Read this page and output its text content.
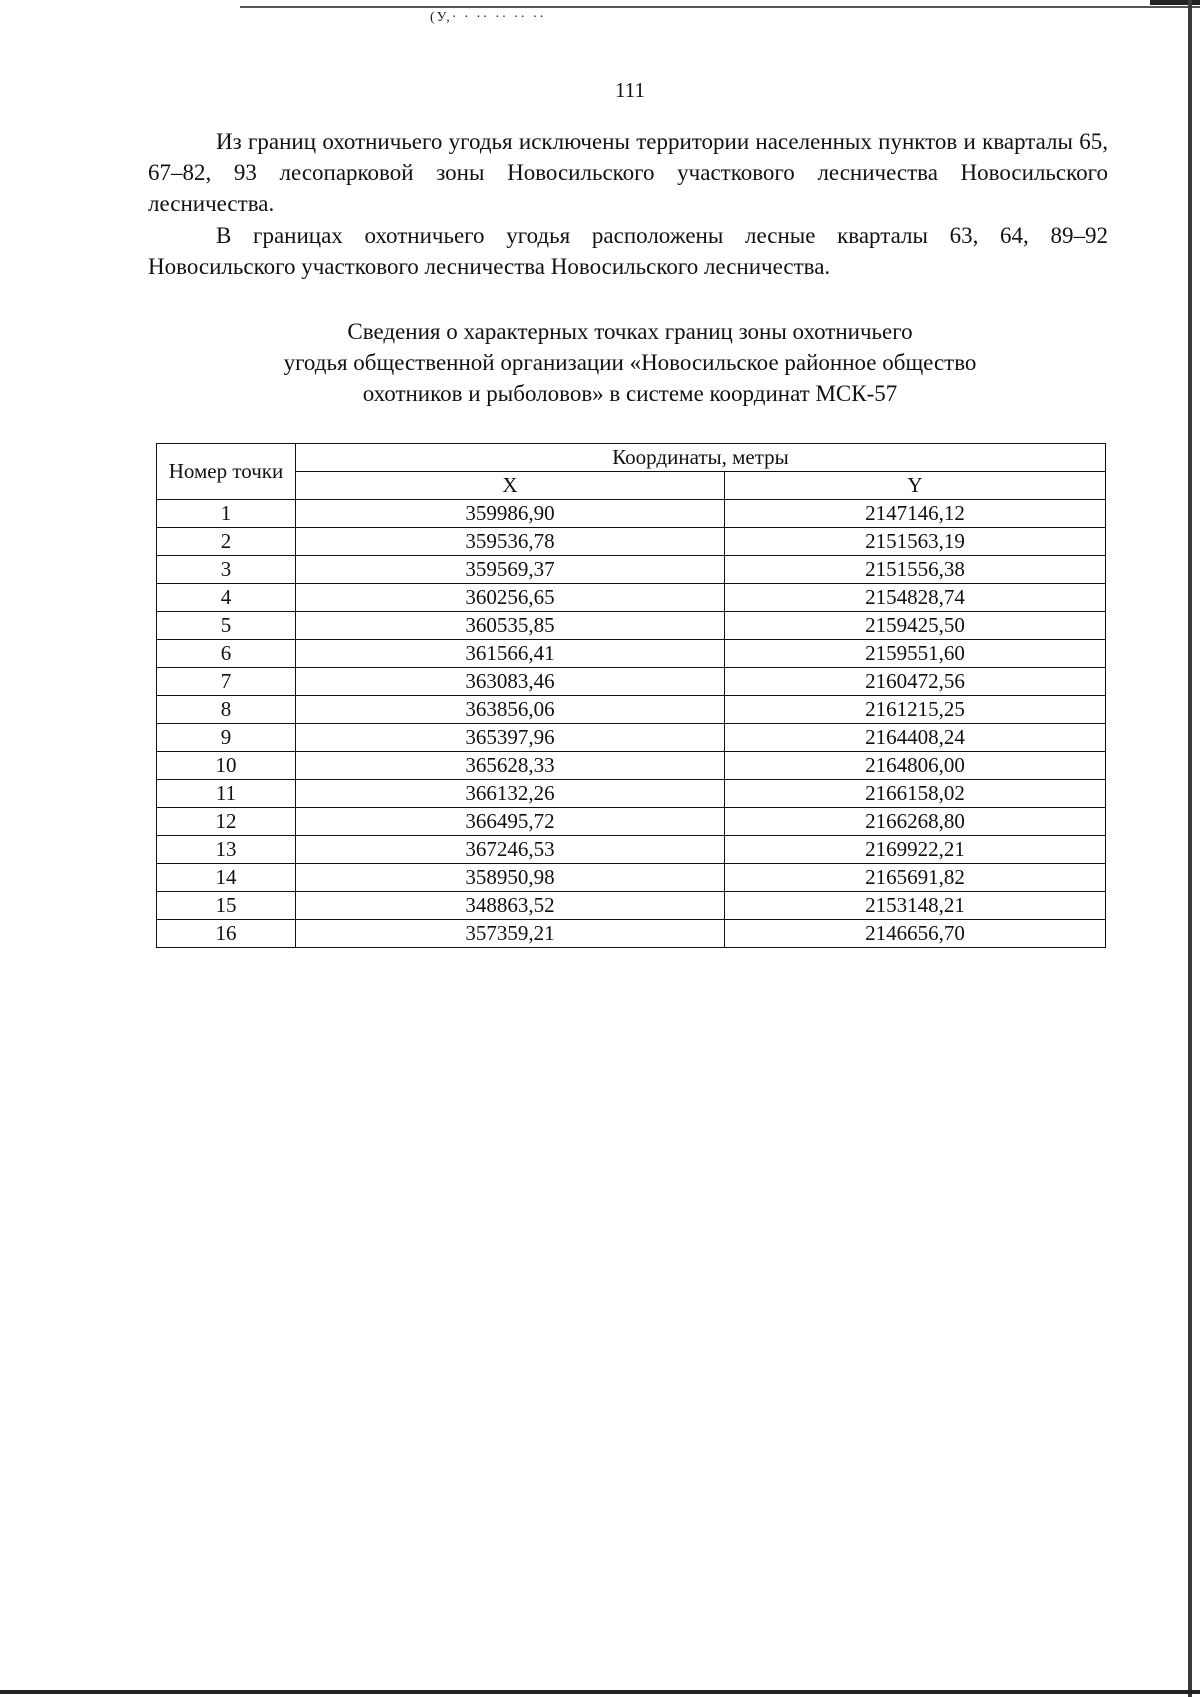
(У,· · ·· ·· ·· ··
111

Из границ охотничьего угодья исключены территории населенных пунктов и кварталы 65, 67–82, 93 лесопарковой зоны Новосильского участкового лесничества Новосильского лесничества.

В границах охотничьего угодья расположены лесные кварталы 63, 64, 89–92 Новосильского участкового лесничества Новосильского лесничества.

Сведения о характерных точках границ зоны охотничьего
угодья общественной организации «Новосильское районное общество
охотников и рыболовов» в системе координат МСК-57
Номер точки	Координаты, метры	
	X	Y
1	359986,90	2147146,12
2	359536,78	2151563,19
3	359569,37	2151556,38
4	360256,65	2154828,74
5	360535,85	2159425,50
6	361566,41	2159551,60
7	363083,46	2160472,56
8	363856,06	2161215,25
9	365397,96	2164408,24
10	365628,33	2164806,00
11	366132,26	2166158,02
12	366495,72	2166268,80
13	367246,53	2169922,21
14	358950,98	2165691,82
15	348863,52	2153148,21
16	357359,21	2146656,70
